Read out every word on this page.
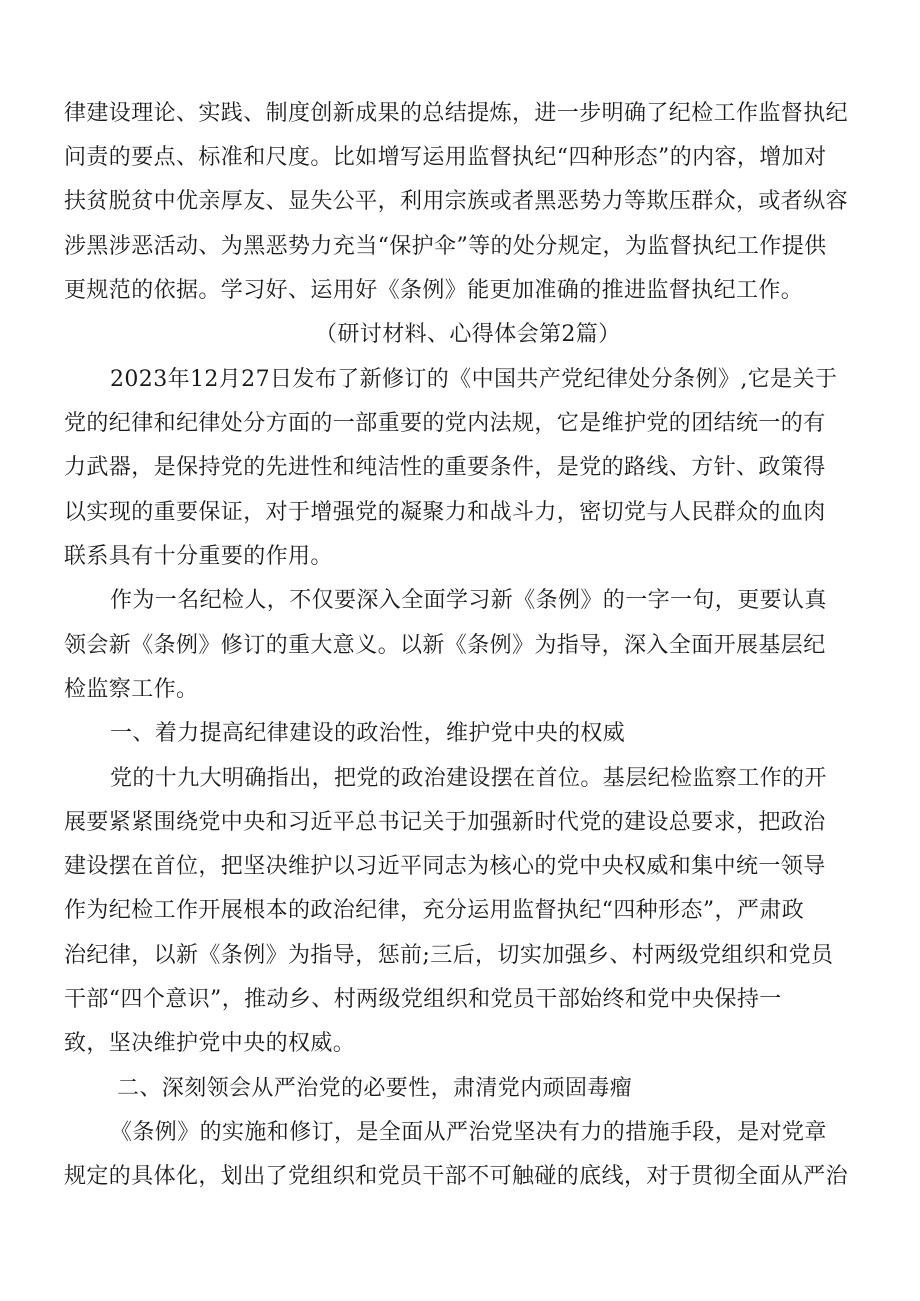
律建设理论、实践、制度创新成果的总结提炼，进一步明确了纪检工作监督执纪
问责的要点、标准和尺度。比如增写运用监督执纪“四种形态”的内容，增加对
扶贫脱贫中优亲厚友、显失公平，利用宗族或者黑恶势力等欺压群众，或者纵容
涉黑涉恶活动、为黑恶势力充当“保护伞”等的处分规定，为监督执纪工作提供
更规范的依据。学习好、运用好《条例》能更加准确的推进监督执纪工作。
（研讨材料、心得体会第2篇）
2023年12月27日发布了新修订的《中国共产党纪律处分条例》,它是关于
党的纪律和纪律处分方面的一部重要的党内法规，它是维护党的团结统一的有
力武器，是保持党的先进性和纯洁性的重要条件，是党的路线、方针、政策得
以实现的重要保证，对于增强党的凝聚力和战斗力，密切党与人民群众的血肉
联系具有十分重要的作用。
作为一名纪检人，不仅要深入全面学习新《条例》的一字一句，更要认真
领会新《条例》修订的重大意义。以新《条例》为指导，深入全面开展基层纪
检监察工作。
一、着力提高纪律建设的政治性，维护党中央的权威
党的十九大明确指出，把党的政治建设摆在首位。基层纪检监察工作的开
展要紧紧围绕党中央和习近平总书记关于加强新时代党的建设总要求，把政治
建设摆在首位，把坚决维护以习近平同志为核心的党中央权威和集中统一领导
作为纪检工作开展根本的政治纪律，充分运用监督执纪“四种形态”，严肃政
治纪律，以新《条例》为指导，惩前;三后，切实加强乡、村两级党组织和党员
干部“四个意识”，推动乡、村两级党组织和党员干部始终和党中央保持一
致，坚决维护党中央的权威。
二、深刻领会从严治党的必要性，肃清党内顽固毒瘤
《条例》的实施和修订，是全面从严治党坚决有力的措施手段，是对党章
规定的具体化，划出了党组织和党员干部不可触碰的底线，对于贯彻全面从严治
